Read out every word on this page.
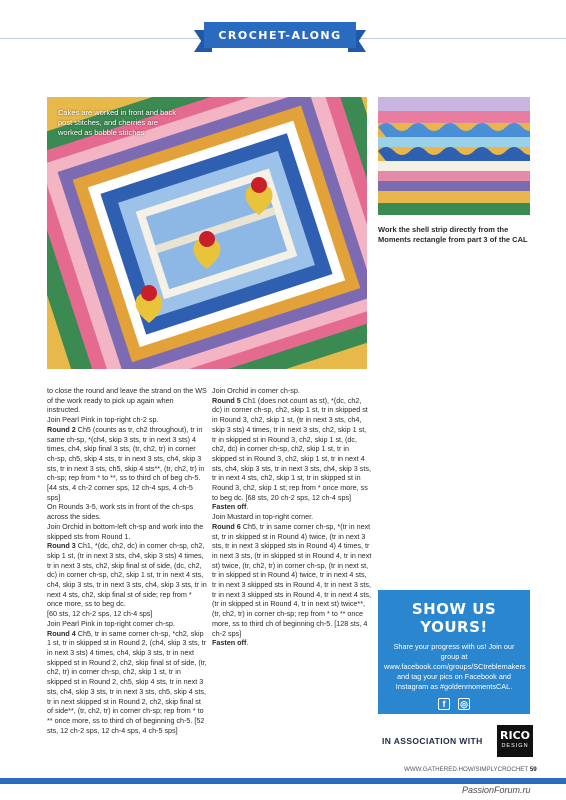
CROCHET-ALONG
Cakes are worked in front and back post stitches, and cherries are worked as bobble stitches
Work the shell strip directly from the Moments rectangle from part 3 of the CAL

to close the round and leave the strand on the WS of the work ready to pick up again when instructed.

Join Pearl Pink in top-right ch-2 sp.

Round 2 Ch5 (counts as tr, ch2 throughout), tr in same ch-sp, *(ch4, skip 3 sts, tr in next 3 sts) 4 times, ch4, skip final 3 sts, (tr, ch2, tr) in corner ch-sp, ch5, skip 4 sts, tr in next 3 sts, ch4, skip 3 sts, tr in next 3 sts, ch5, skip 4 sts**, (tr, ch2, tr) in ch-sp; rep from * to **, ss to third ch of beg ch-5. [44 sts, 4 ch-2 corner sps, 12 ch-4 sps, 4 ch-5 sps]

On Rounds 3-5, work sts in front of the ch-sps across the sides.

Join Orchid in bottom-left ch-sp and work into the skipped sts from Round 1.

Round 3 Ch1, *(dc, ch2, dc) in corner ch-sp, ch2, skip 1 st, (tr in next 3 sts, ch4, skip 3 sts) 4 times, tr in next 3 sts, ch2, skip final st of side, (dc, ch2, dc) in corner ch-sp, ch2, skip 1 st, tr in next 4 sts, ch4, skip 3 sts, tr in next 3 sts, ch4, skip 3 sts, tr in next 4 sts, ch2, skip final st of side; rep from * once more, ss to beg dc.

[60 sts, 12 ch-2 sps, 12 ch-4 sps]

Join Pearl Pink in top-right corner ch-sp.

Round 4 Ch5, tr in same corner ch-sp, *ch2, skip 1 st, tr in skipped st in Round 2, (ch4, skip 3 sts, tr in next 3 sts) 4 times, ch4, skip 3 sts, tr in next skipped st in Round 2, ch2, skip final st of side, (tr, ch2, tr) in corner ch-sp, ch2, skip 1 st, tr in skipped st in Round 2, ch5, skip 4 sts, tr in next 3 sts, ch4, skip 3 sts, tr in next 3 sts, ch5, skip 4 sts, tr in next skipped st in Round 2, ch2, skip final st of side**, (tr, ch2, tr) in corner ch-sp; rep from * to ** once more, ss to third ch of beginning ch-5. [52 sts, 12 ch-2 sps, 12 ch-4 sps, 4 ch-5 sps]

Join Orchid in corner ch-sp.

Round 5 Ch1 (does not count as st), *(dc, ch2, dc) in corner ch-sp, ch2, skip 1 st, tr in skipped st in Round 3, ch2, skip 1 st, (tr in next 3 sts, ch4, skip 3 sts) 4 times, tr in next 3 sts, ch2, skip 1 st, tr in skipped st in Round 3, ch2, skip 1 st, (dc, ch2, dc) in corner ch-sp, ch2, skip 1 st, tr in skipped st in Round 3, ch2, skip 1 st, tr in next 4 sts, ch4, skip 3 sts, tr in next 3 sts, ch4, skip 3 sts, tr in next 4 sts, ch2, skip 1 st, tr in skipped st in Round 3, ch2, skip 1 st; rep from * once more, ss to beg dc. [68 sts, 20 ch-2 sps, 12 ch-4 sps]

Fasten off.

Join Mustard in top-right corner.

Round 6 Ch5, tr in same corner ch-sp, *(tr in next st, tr in skipped st in Round 4) twice, (tr in next 3 sts, tr in next 3 skipped sts in Round 4) 4 times, tr in next 3 sts, (tr in skipped st in Round 4, tr in next st) twice, (tr, ch2, tr) in corner ch-sp, (tr in next st, tr in skipped st in Round 4) twice, tr in next 4 sts, tr in next 3 skipped sts in Round 4, tr in next 3 sts, tr in next 3 skipped sts in Round 4, tr in next 4 sts, (tr in skipped st in Round 4, tr in next st) twice**, (tr, ch2, tr) in corner ch-sp; rep from * to ** once more, ss to third ch of beginning ch-5. [128 sts, 4 ch-2 sps]

Fasten off.

SHOW US YOURS!
Share your progress with us! Join our group at www.facebook.com/groups/SCtreblemakers and tag your pics on Facebook and Instagram as #goldenmomentsCAL.
f	◎
IN ASSOCIATION WITH RICO
DESIGN
WWW.GATHERED.HOW/SIMPLYCROCHET 59
PassionForum.ru
